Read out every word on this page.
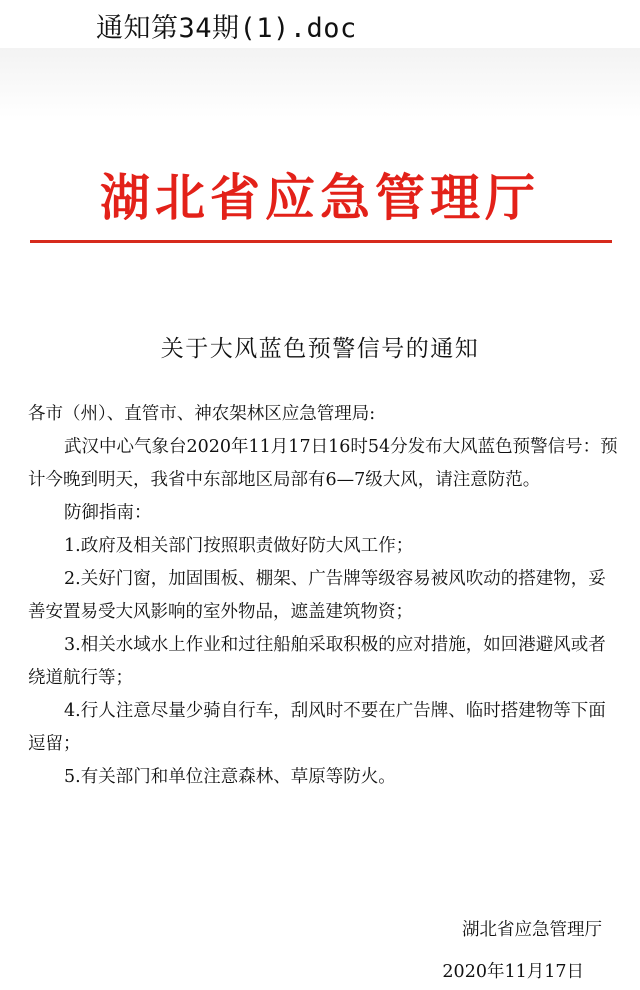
通知第34期(1).doc
湖北省应急管理厅
关于大风蓝色预警信号的通知

各市（州）、直管市、神农架林区应急管理局:

武汉中心气象台2020年11月17日16时54分发布大风蓝色预警信号：预计今晚到明天，我省中东部地区局部有6—7级大风，请注意防范。

防御指南：

1.政府及相关部门按照职责做好防大风工作；

2.关好门窗，加固围板、棚架、广告牌等级容易被风吹动的搭建物，妥善安置易受大风影响的室外物品，遮盖建筑物资；

3.相关水域水上作业和过往船舶采取积极的应对措施，如回港避风或者绕道航行等；

4.行人注意尽量少骑自行车，刮风时不要在广告牌、临时搭建物等下面逗留；

5.有关部门和单位注意森林、草原等防火。

湖北省应急管理厅
2020年11月17日
